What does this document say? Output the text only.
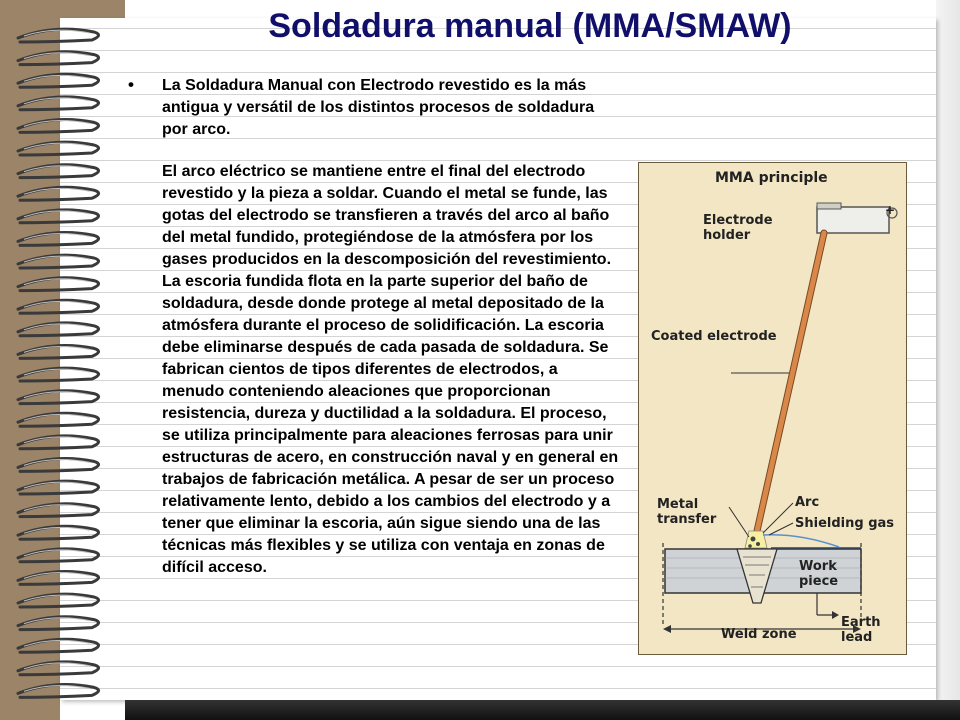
Soldadura manual (MMA/SMAW)
• La Soldadura Manual con Electrodo revestido es la más antigua y versátil de los distintos procesos de soldadura por arco.
El arco eléctrico se mantiene entre el final del electrodo revestido y la pieza a soldar. Cuando el metal se funde, las gotas del electrodo se transfieren a través del arco al baño del metal fundido, protegiéndose de la atmósfera por los gases producidos en la descomposición del revestimiento. La escoria fundida flota en la parte superior del baño de soldadura, desde donde protege al metal depositado de la atmósfera durante el proceso de solidificación. La escoria debe eliminarse después de cada pasada de soldadura. Se fabrican cientos de tipos diferentes de electrodos, a menudo conteniendo aleaciones que proporcionan resistencia, dureza y ductilidad a la soldadura. El proceso, se utiliza principalmente para aleaciones ferrosas para unir estructuras de acero, en construcción naval y en general en trabajos de fabricación metálica. A pesar de ser un proceso relativamente lento, debido a los cambios del electrodo y a tener que eliminar la escoria, aún sigue siendo una de las técnicas más flexibles y se utiliza con ventaja en zonas de difícil acceso.
MMA principle
Electrode
holder
+
Coated electrode
Metal
transfer
Arc
Shielding gas
Work
piece
Earth
lead
Weld zone
